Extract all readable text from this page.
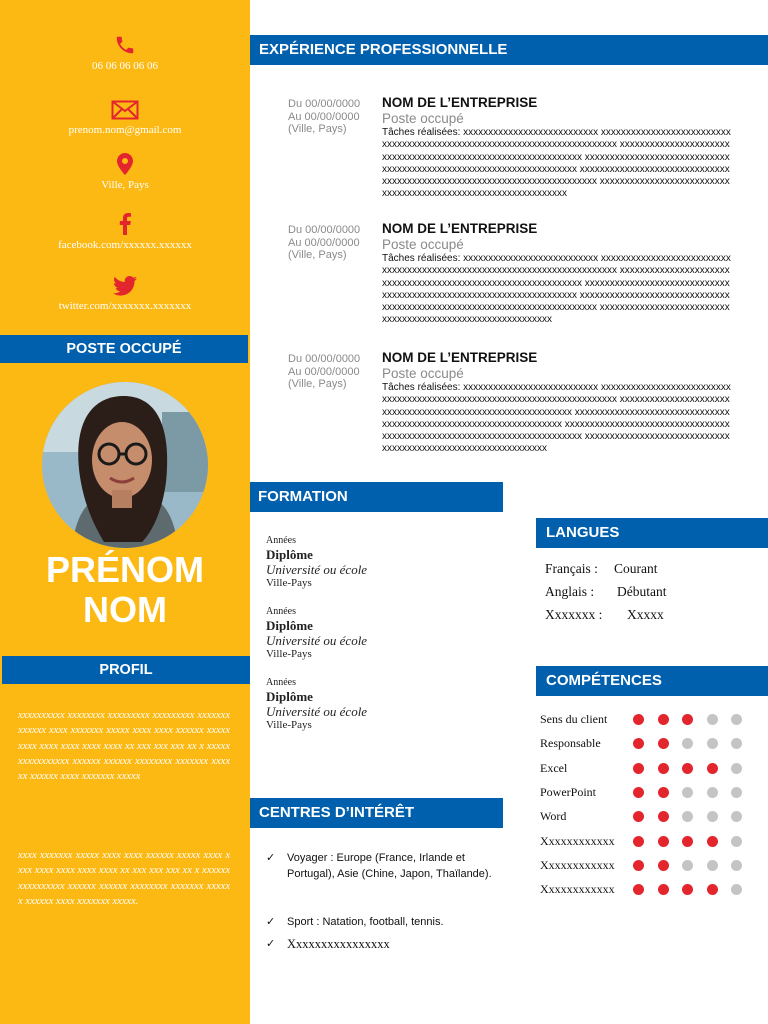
06 06 06 06 06
prenom.nom@gmail.com
Ville, Pays
facebook.com/xxxxxx.xxxxxx
twitter.com/xxxxxxx.xxxxxxx
POSTE OCCUPÉ
PRÉNOM
NOM
PROFIL
xxxxxxxxxx xxxxxxxx xxxxxxxxx xxxxxxxxx xxxxxxx xxxxxx xxxx xxxxxxx xxxxx xxxx xxxx xxxxxx xxxxx xxxx xxxx xxxx xxxx xxxx xx xxx xxx xxx xx x xxxxxxxxxxxxxxxx xxxxxx xxxxxx xxxxxxxx xxxxxxx xxxxxx xxxxxx xxxx xxxxxxx xxxxx
xxxx xxxxxxx xxxxx xxxx xxxx xxxxxx xxxxx xxxx xxxx xxxx xxxx xxxx xxxx xx xxx xxx xxx xx x xxxxxxxxxxxxxxxx xxxxxx xxxxxx xxxxxxxx xxxxxxx xxxxxx xxxxxx xxxx xxxxxxx xxxxx.
EXPÉRIENCE PROFESSIONNELLE
Du 00/00/0000
Au 00/00/0000
(Ville, Pays)
NOM DE L’ENTREPRISE
Poste occupé
Tâches réalisées: xxxxxxxxxxxxxxxxxxxxxxxxxxx xxxxxxxxxxxxxxxxxxxxxxxxxxxxxxxxxxxxxxxxxxxxxxxxxxxxxxxxxxxxxxxxxxxxxxxxx xxxxxxxxxxxxxxxxxxxxxxxxxxxxxxxxxxxxxxxxxxxxxxxxxxxxxxxxxxxxxx xxxxxxxxxxxxxxxxxxxxxxxxxxxxxxxxxxxxxxxxxxxxxxxxxxxxxxxxxxxxxxxxxxxx xxxxxxxxxxxxxxxxxxxxxxxxxxxxxxxxxxxxxxxxxxxxxxxxxxxxxxxxxxxxxxxxxxxxxxxxx xxxxxxxxxxxxxxxxxxxxxxxxxxxxxxxxxxxxxxxxxxxxxxxxxxxxxxxxxxxxxxx
Du 00/00/0000
Au 00/00/0000
(Ville, Pays)
NOM DE L’ENTREPRISE
Poste occupé
Tâches réalisées: xxxxxxxxxxxxxxxxxxxxxxxxxxx xxxxxxxxxxxxxxxxxxxxxxxxxxxxxxxxxxxxxxxxxxxxxxxxxxxxxxxxxxxxxxxxxxxxxxxxx xxxxxxxxxxxxxxxxxxxxxxxxxxxxxxxxxxxxxxxxxxxxxxxxxxxxxxxxxxxxxx xxxxxxxxxxxxxxxxxxxxxxxxxxxxxxxxxxxxxxxxxxxxxxxxxxxxxxxxxxxxxxxxxxxx xxxxxxxxxxxxxxxxxxxxxxxxxxxxxxxxxxxxxxxxxxxxxxxxxxxxxxxxxxxxxxxxxxxxxxxxx xxxxxxxxxxxxxxxxxxxxxxxxxxxxxxxxxxxxxxxxxxxxxxxxxxxxxxxxxxxx
Du 00/00/0000
Au 00/00/0000
(Ville, Pays)
NOM DE L’ENTREPRISE
Poste occupé
Tâches réalisées: xxxxxxxxxxxxxxxxxxxxxxxxxxx xxxxxxxxxxxxxxxxxxxxxxxxxxxxxxxxxxxxxxxxxxxxxxxxxxxxxxxxxxxxxxxxxxxxxxxxx xxxxxxxxxxxxxxxxxxxxxxxxxxxxxxxxxxxxxxxxxxxxxxxxxxxxxxxxxxxx xxxxxxxxxxxxxxxxxxxxxxxxxxxxxxxxxxxxxxxxxxxxxxxxxxxxxxxxxxxxxxxxxxx xxxxxxxxxxxxxxxxxxxxxxxxxxxxxxxxxxxxxxxxxxxxxxxxxxxxxxxxxxxxxxxxxxxxxxxxx xxxxxxxxxxxxxxxxxxxxxxxxxxxxxxxxxxxxxxxxxxxxxxxxxxxxxxxxxxxxxx
FORMATION
Années
Diplôme
Université ou école
Ville-Pays
Années
Diplôme
Université ou école
Ville-Pays
Années
Diplôme
Université ou école
Ville-Pays
LANGUES
Français : Courant
Anglais : Débutant
Xxxxxxx : Xxxxx
COMPÉTENCES
Sens du client
Responsable
Excel
PowerPoint
Word
Xxxxxxxxxxxx
Xxxxxxxxxxxx
Xxxxxxxxxxxx
CENTRES D’INTÉRÊT
✓ Voyager : Europe (France, Irlande et Portugal), Asie (Chine, Japon, Thaïlande).
✓ Sport : Natation, football, tennis.
✓ Xxxxxxxxxxxxxxxx
